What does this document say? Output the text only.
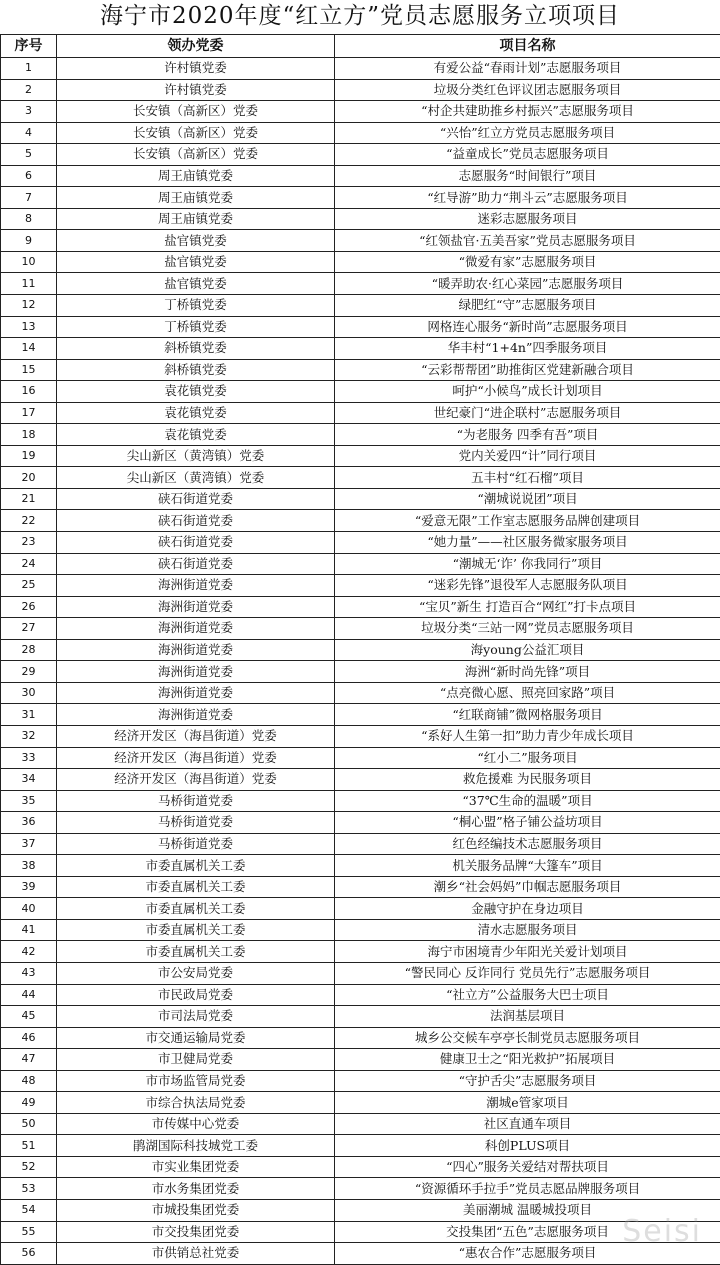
海宁市2020年度“红立方”党员志愿服务立项项目
序号	领办党委	项目名称
1	许村镇党委	有爱公益“春雨计划”志愿服务项目
2	许村镇党委	垃圾分类红色评议团志愿服务项目
3	长安镇（高新区）党委	“村企共建助推乡村振兴”志愿服务项目
4	长安镇（高新区）党委	“兴怡”红立方党员志愿服务项目
5	长安镇（高新区）党委	“益童成长”党员志愿服务项目
6	周王庙镇党委	志愿服务“时间银行”项目
7	周王庙镇党委	“红导游”助力“荆斗云”志愿服务项目
8	周王庙镇党委	迷彩志愿服务项目
9	盐官镇党委	“红领盐官·五美吾家”党员志愿服务项目
10	盐官镇党委	“微爱有家”志愿服务项目
11	盐官镇党委	“暖弄助农·红心菜园”志愿服务项目
12	丁桥镇党委	绿肥红“守”志愿服务项目
13	丁桥镇党委	网格连心服务“新时尚”志愿服务项目
14	斜桥镇党委	华丰村“1+4n”四季服务项目
15	斜桥镇党委	“云彩帮帮团”助推街区党建新融合项目
16	袁花镇党委	呵护“小候鸟”成长计划项目
17	袁花镇党委	世纪豪门“进企联村”志愿服务项目
18	袁花镇党委	“为老服务 四季有吾”项目
19	尖山新区（黄湾镇）党委	党内关爱四“计”同行项目
20	尖山新区（黄湾镇）党委	五丰村“红石榴”项目
21	硖石街道党委	“潮城说说团”项目
22	硖石街道党委	“爱意无限”工作室志愿服务品牌创建项目
23	硖石街道党委	“她力量”——社区服务微家服务项目
24	硖石街道党委	“潮城无‘诈’ 你我同行”项目
25	海洲街道党委	“迷彩先锋”退役军人志愿服务队项目
26	海洲街道党委	“宝贝”新生 打造百合“网红”打卡点项目
27	海洲街道党委	垃圾分类“三站一网”党员志愿服务项目
28	海洲街道党委	海young公益汇项目
29	海洲街道党委	海洲“新时尚先锋”项目
30	海洲街道党委	“点亮微心愿、照亮回家路”项目
31	海洲街道党委	“红联商铺”微网格服务项目
32	经济开发区（海昌街道）党委	“系好人生第一扣”助力青少年成长项目
33	经济开发区（海昌街道）党委	“红小二”服务项目
34	经济开发区（海昌街道）党委	救危援难 为民服务项目
35	马桥街道党委	“37℃生命的温暖”项目
36	马桥街道党委	“桐心盟”格子铺公益坊项目
37	马桥街道党委	红色经编技术志愿服务项目
38	市委直属机关工委	机关服务品牌“大篷车”项目
39	市委直属机关工委	潮乡“社会妈妈”巾帼志愿服务项目
40	市委直属机关工委	金融守护在身边项目
41	市委直属机关工委	清水志愿服务项目
42	市委直属机关工委	海宁市困境青少年阳光关爱计划项目
43	市公安局党委	“警民同心 反诈同行 党员先行”志愿服务项目
44	市民政局党委	“社立方”公益服务大巴士项目
45	市司法局党委	法润基层项目
46	市交通运输局党委	城乡公交候车亭亭长制党员志愿服务项目
47	市卫健局党委	健康卫士之“阳光救护”拓展项目
48	市市场监管局党委	“守护舌尖”志愿服务项目
49	市综合执法局党委	潮城e管家项目
50	市传媒中心党委	社区直通车项目
51	鹃湖国际科技城党工委	科创PLUS项目
52	市实业集团党委	“四心”服务关爱结对帮扶项目
53	市水务集团党委	“资源循环手拉手”党员志愿品牌服务项目
54	市城投集团党委	美丽潮城 温暖城投项目
55	市交投集团党委	交投集团“五色”志愿服务项目
56	市供销总社党委	“惠农合作”志愿服务项目
Seisi
